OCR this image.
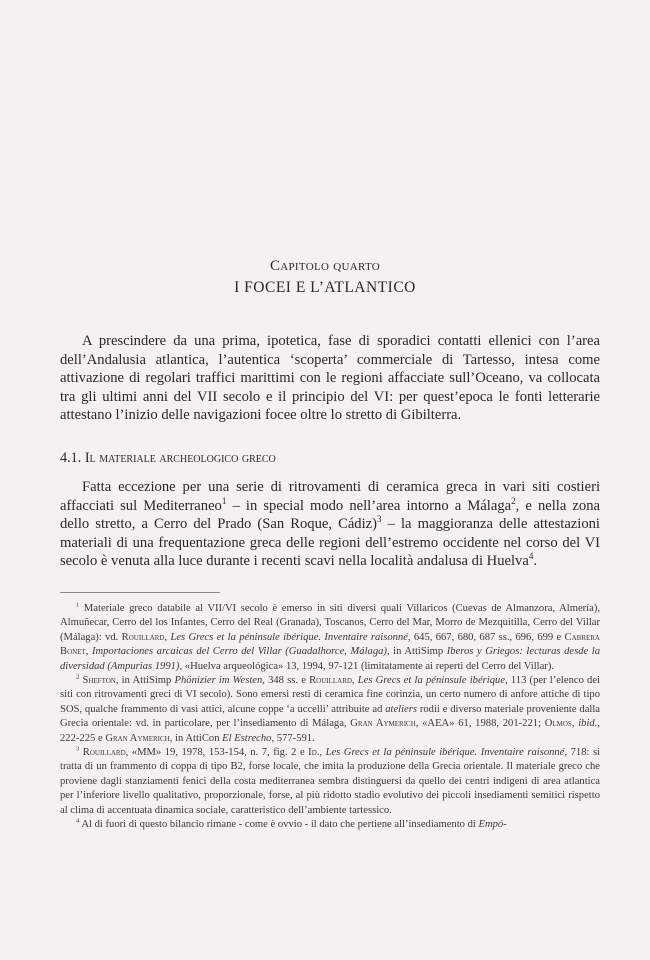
Capitolo quarto
I FOCEI E L’ATLANTICO

A prescindere da una prima, ipotetica, fase di sporadici contatti ellenici con l’area dell’Andalusia atlantica, l’autentica ‘scoperta’ commerciale di Tartesso, intesa come attivazione di regolari traffici marittimi con le regioni affacciate sull’Oceano, va collocata tra gli ultimi anni del VII secolo e il principio del VI: per quest’epoca le fonti letterarie attestano l’inizio delle navigazioni focee oltre lo stretto di Gibilterra.

4.1. Il materiale archeologico greco

Fatta eccezione per una serie di ritrovamenti di ceramica greca in vari siti costieri affacciati sul Mediterraneo$^1$ – in special modo nell’area intorno a Málaga$^2$, e nella zona dello stretto, a Cerro del Prado (San Roque, Cádiz)$^3$ – la maggioranza delle attestazioni materiali di una frequentazione greca delle regioni dell’estremo occidente nel corso del VI secolo è venuta alla luce durante i recenti scavi nella località andalusa di Huelva$^4$.

$^1$ Materiale greco databile al VII/VI secolo è emerso in siti diversi quali Villaricos (Cuevas de Almanzora, Almería), Almuñecar, Cerro del los Infantes, Cerro del Real (Granada), Toscanos, Cerro del Mar, Morro de Mezquitilla, Cerro del Villar (Málaga): vd. Rouillard, Les Grecs et la péninsule ibérique. Inventaire raisonné, 645, 667, 680, 687 ss., 696, 699 e Cabrera Bonet, Importaciones arcaicas del Cerro del Villar (Guadalhorce, Málaga), in AttiSimp Iberos y Griegos: lecturas desde la diversidad (Ampurias 1991), «Huelva arqueológica» 13, 1994, 97-121 (limitatamente ai reperti del Cerro del Villar).

$^2$ Shefton, in AttiSimp Phönizier im Westen, 348 ss. e Rouillard, Les Grecs et la péninsule ibérique, 113 (per l’elenco dei siti con ritrovamenti greci di VI secolo). Sono emersi resti di ceramica fine corinzia, un certo numero di anfore attiche di tipo SOS, qualche frammento di vasi attici, alcune coppe ‘a uccelli’ attribuite ad ateliers rodii e diverso materiale proveniente dalla Grecia orientale: vd. in particolare, per l’insediamento di Málaga, Gran Aymerich, «AEA» 61, 1988, 201-221; Olmos, ibid., 222-225 e Gran Aymerich, in AttiCon El Estrecho, 577-591.

$^3$ Rouillard, «MM» 19, 1978, 153-154, n. 7, fig. 2 e Id., Les Grecs et la péninsule ibérique. Inventaire raisonné, 718: si tratta di un frammento di coppa di tipo B2, forse locale, che imita la produzione della Grecia orientale. Il materiale greco che proviene dagli stanziamenti fenici della costa mediterranea sembra distinguersi da quello dei centri indigeni di area atlantica per l’inferiore livello qualitativo, proporzionale, forse, al più ridotto stadio evolutivo dei piccoli insediamenti semitici rispetto al clima di accentuata dinamica sociale, caratteristico dell’ambiente tartessico.

$^4$ Al di fuori di questo bilancio rimane - come è ovvio - il dato che pertiene all’insediamento di Empó-
